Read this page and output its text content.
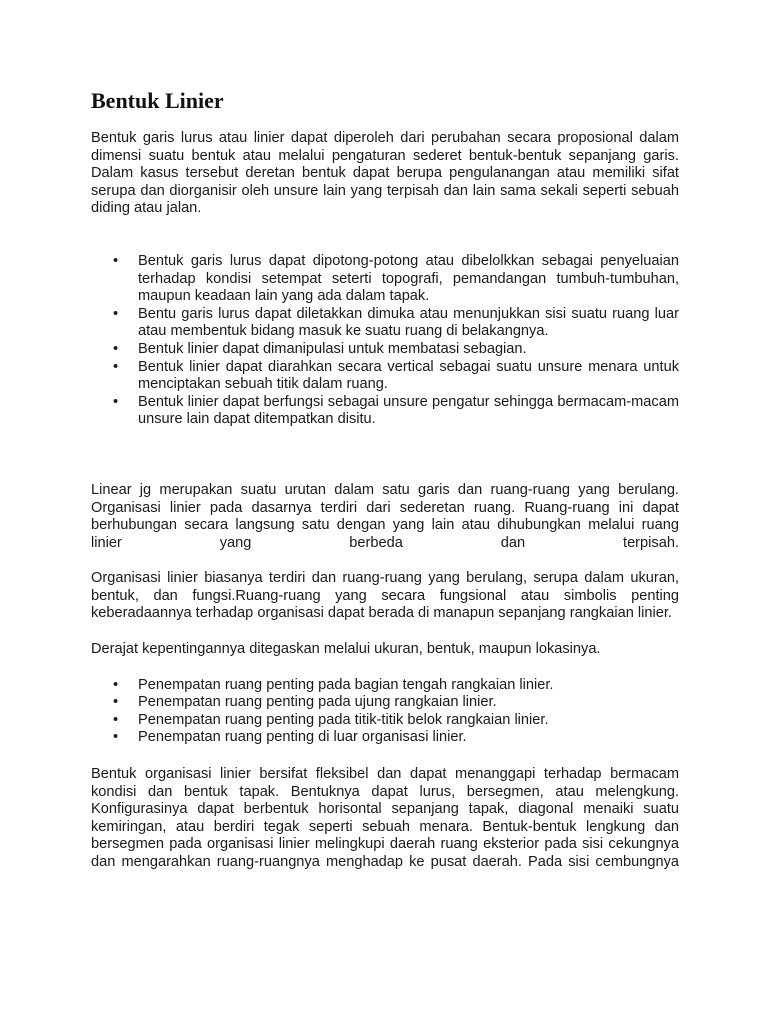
Bentuk Linier

Bentuk garis lurus atau linier dapat diperoleh dari perubahan secara proposional dalam dimensi suatu bentuk atau melalui pengaturan sederet bentuk-bentuk sepanjang garis. Dalam kasus tersebut deretan bentuk dapat berupa pengulanangan atau memiliki sifat serupa dan diorganisir oleh unsure lain yang terpisah dan lain sama sekali seperti sebuah diding atau jalan.

• Bentuk garis lurus dapat dipotong-potong atau dibelolkkan sebagai penyeluaian terhadap kondisi setempat seterti topografi, pemandangan tumbuh-tumbuhan, maupun keadaan lain yang ada dalam tapak.
• Bentu garis lurus dapat diletakkan dimuka atau menunjukkan sisi suatu ruang luar atau membentuk bidang masuk ke suatu ruang di belakangnya.
• Bentuk linier dapat dimanipulasi untuk membatasi sebagian.
• Bentuk linier dapat diarahkan secara vertical sebagai suatu unsure menara untuk menciptakan sebuah titik dalam ruang.
• Bentuk linier dapat berfungsi sebagai unsure pengatur sehingga bermacam-macam unsure lain dapat ditempatkan disitu.

Linear jg merupakan suatu urutan dalam satu garis dan ruang-ruang yang berulang. Organisasi linier pada dasarnya terdiri dari sederetan ruang. Ruang-ruang ini dapat berhubungan secara langsung satu dengan yang lain atau dihubungkan melalui ruang linier yang berbeda dan terpisah.

Organisasi linier biasanya terdiri dan ruang-ruang yang berulang, serupa dalam ukuran, bentuk, dan fungsi.Ruang-ruang yang secara fungsional atau simbolis penting keberadaannya terhadap organisasi dapat berada di manapun sepanjang rangkaian linier.

Derajat kepentingannya ditegaskan melalui ukuran, bentuk, maupun lokasinya.

• Penempatan ruang penting pada bagian tengah rangkaian linier.
• Penempatan ruang penting pada ujung rangkaian linier.
• Penempatan ruang penting pada titik-titik belok rangkaian linier.
• Penempatan ruang penting di luar organisasi linier.

Bentuk organisasi linier bersifat fleksibel dan dapat menanggapi terhadap bermacam kondisi dan bentuk tapak. Bentuknya dapat lurus, bersegmen, atau melengkung. Konfigurasinya dapat berbentuk horisontal sepanjang tapak, diagonal menaiki suatu kemiringan, atau berdiri tegak seperti sebuah menara. Bentuk-bentuk lengkung dan bersegmen pada organisasi linier melingkupi daerah ruang eksterior pada sisi cekungnya dan mengarahkan ruang-ruangnya menghadap ke pusat daerah. Pada sisi cembungnya
